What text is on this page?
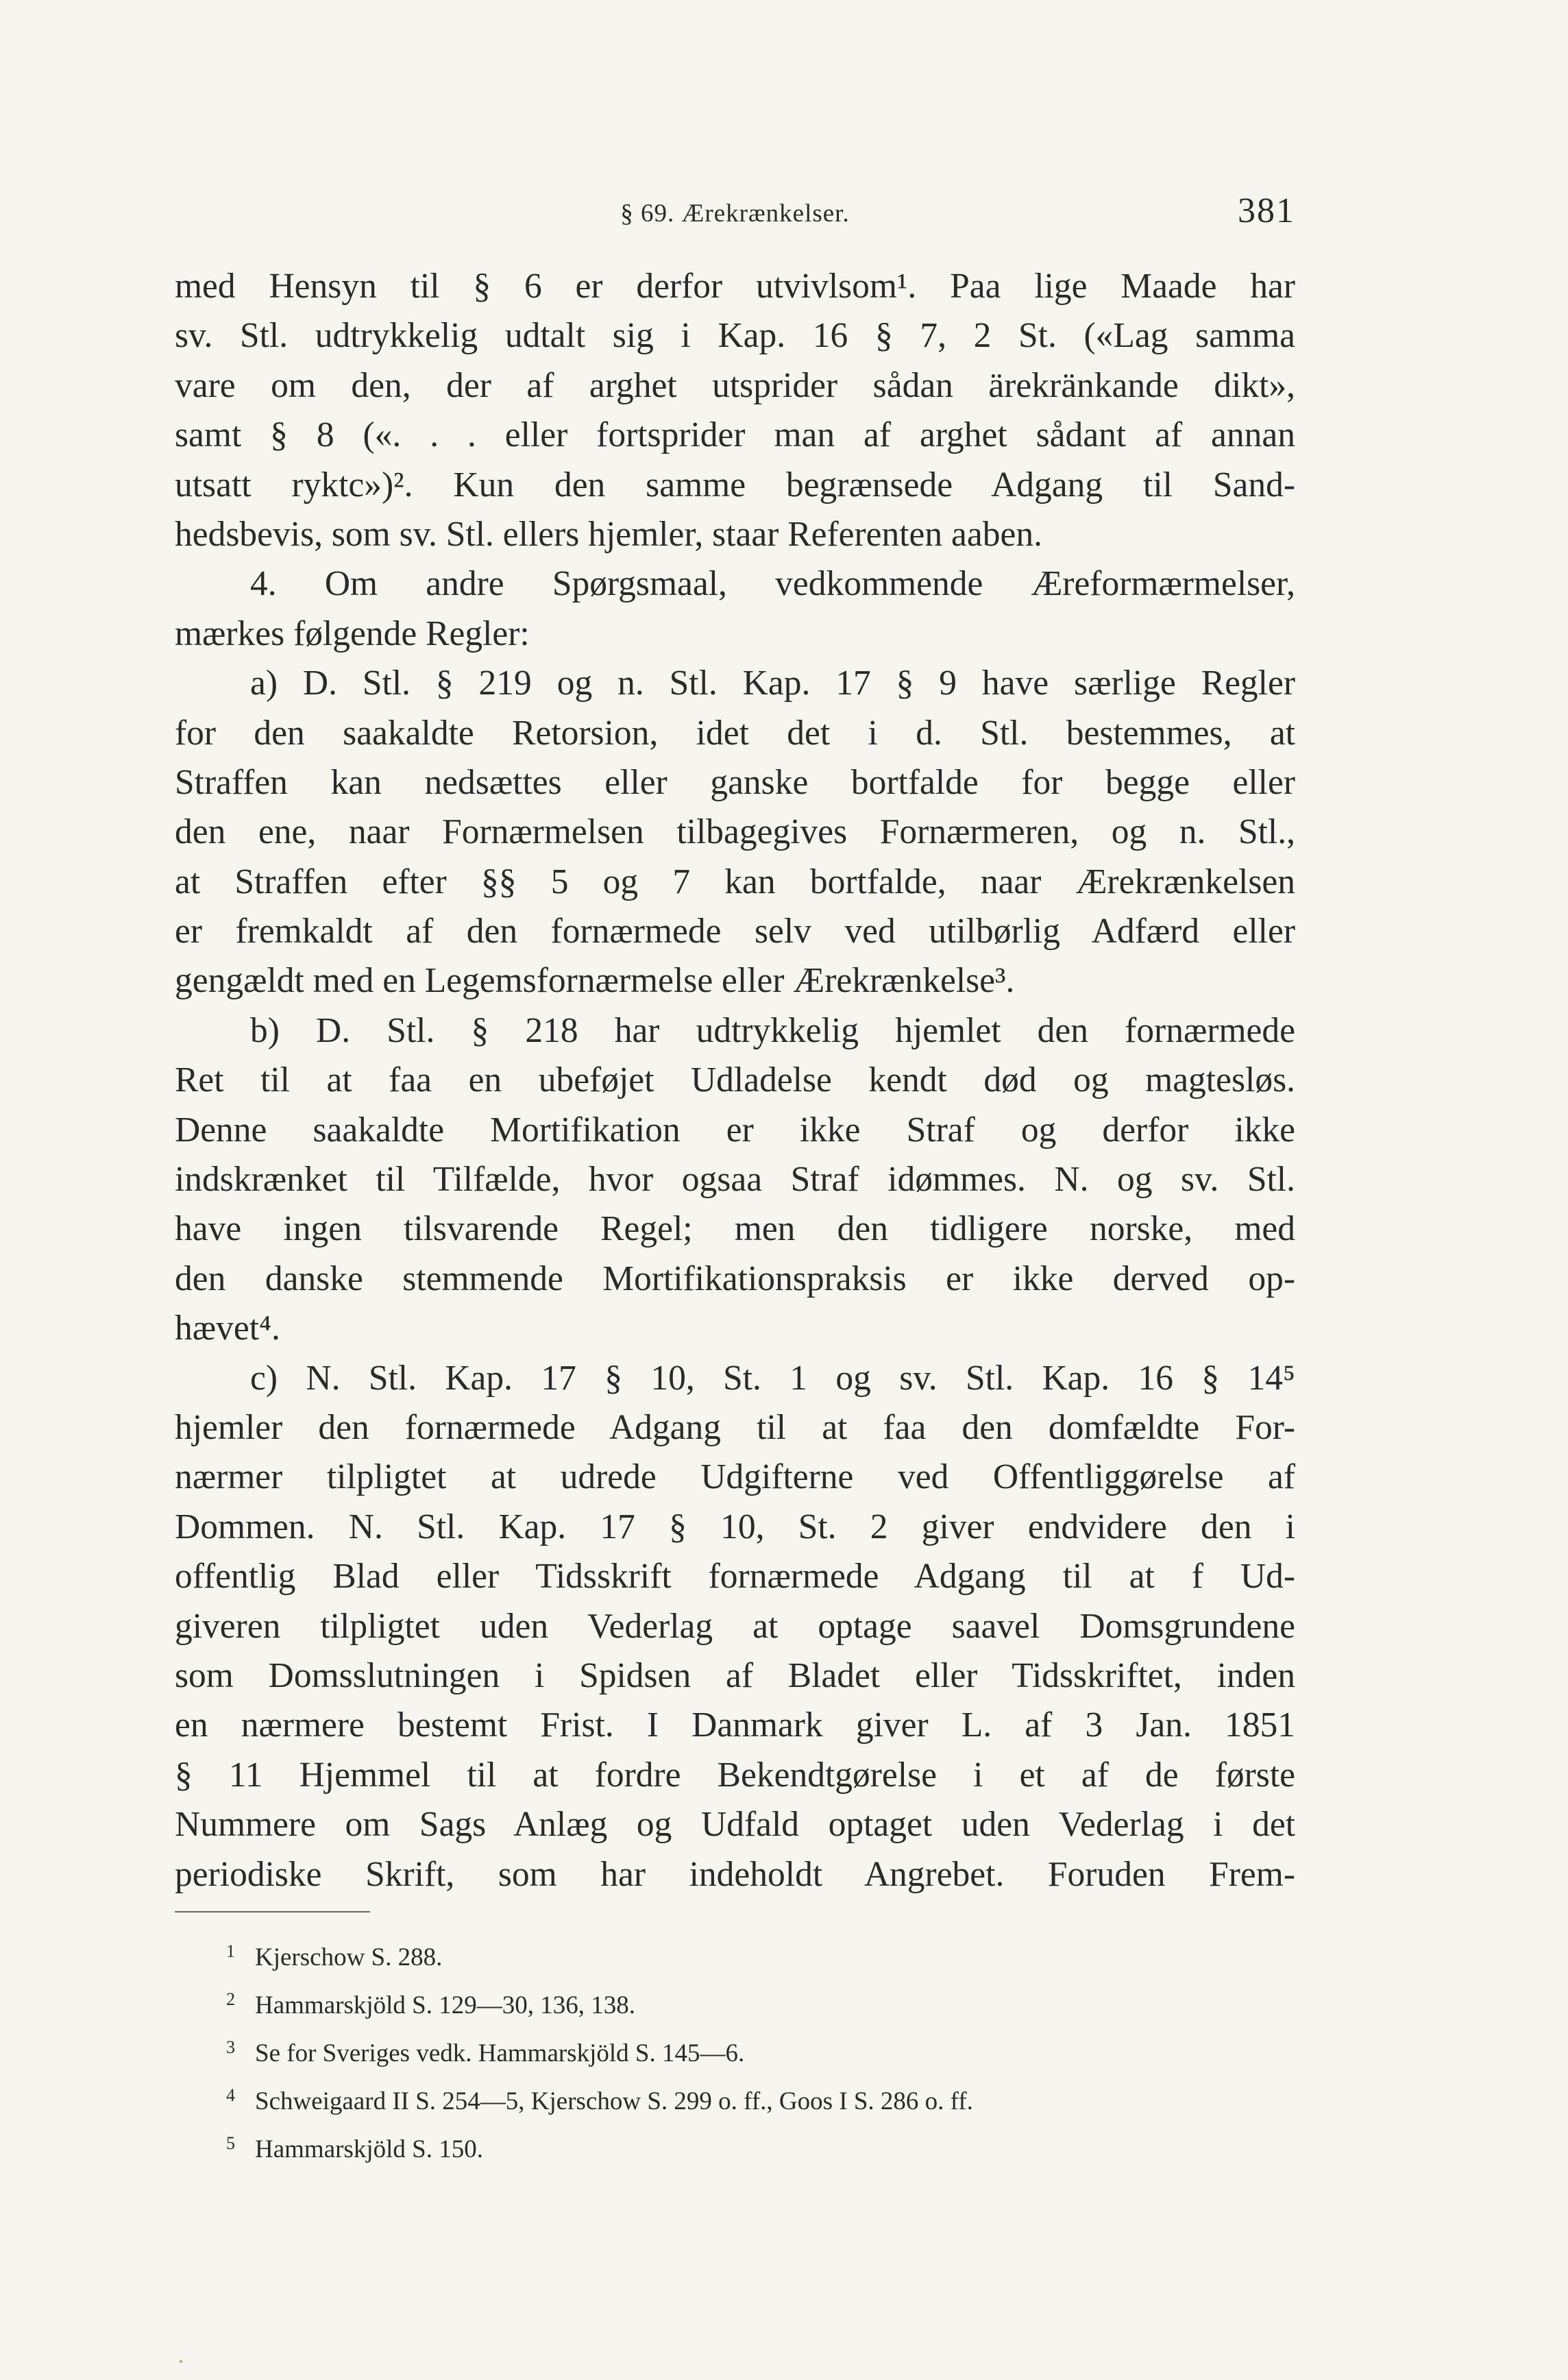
§ 69. Ærekrænkelser.	381
med Hensyn til § 6 er derfor utvivlsom¹. Paa lige Maade har
sv. Stl. udtrykkelig udtalt sig i Kap. 16 § 7, 2 St. («Lag samma
vare om den, der af arghet utsprider sådan ärekränkande dikt»,
samt § 8 («. . . eller fortsprider man af arghet sådant af annan
utsatt ryktc»)². Kun den samme begrænsede Adgang til Sand-
hedsbevis, som sv. Stl. ellers hjemler, staar Referenten aaben.
4. Om andre Spørgsmaal, vedkommende Æreformærmelser,
mærkes følgende Regler:
a) D. Stl. § 219 og n. Stl. Kap. 17 § 9 have særlige Regler
for den saakaldte Retorsion, idet det i d. Stl. bestemmes, at
Straffen kan nedsættes eller ganske bortfalde for begge eller
den ene, naar Fornærmelsen tilbagegives Fornærmeren, og n. Stl.,
at Straffen efter §§ 5 og 7 kan bortfalde, naar Ærekrænkelsen
er fremkaldt af den fornærmede selv ved utilbørlig Adfærd eller
gengældt med en Legemsfornærmelse eller Ærekrænkelse³.
b) D. Stl. § 218 har udtrykkelig hjemlet den fornærmede
Ret til at faa en ubeføjet Udladelse kendt død og magtesløs.
Denne saakaldte Mortifikation er ikke Straf og derfor ikke
indskrænket til Tilfælde, hvor ogsaa Straf idømmes. N. og sv. Stl.
have ingen tilsvarende Regel; men den tidligere norske, med
den danske stemmende Mortifikationspraksis er ikke derved op-
hævet⁴.
c) N. Stl. Kap. 17 § 10, St. 1 og sv. Stl. Kap. 16 § 14⁵
hjemler den fornærmede Adgang til at faa den domfældte For-
nærmer tilpligtet at udrede Udgifterne ved Offentliggørelse af
Dommen. N. Stl. Kap. 17 § 10, St. 2 giver endvidere den i
offentlig Blad eller Tidsskrift fornærmede Adgang til at f Ud-
giveren tilpligtet uden Vederlag at optage saavel Domsgrundene
som Domsslutningen i Spidsen af Bladet eller Tidsskriftet, inden
en nærmere bestemt Frist. I Danmark giver L. af 3 Jan. 1851
§ 11 Hjemmel til at fordre Bekendtgørelse i et af de første
Nummere om Sags Anlæg og Udfald optaget uden Vederlag i det
periodiske Skrift, som har indeholdt Angrebet. Foruden Frem-
1 Kjerschow S. 288.
2 Hammarskjöld S. 129—30, 136, 138.
3 Se for Sveriges vedk. Hammarskjöld S. 145—6.
4 Schweigaard II S. 254—5, Kjerschow S. 299 o. ff., Goos I S. 286 o. ff.
5 Hammarskjöld S. 150.
